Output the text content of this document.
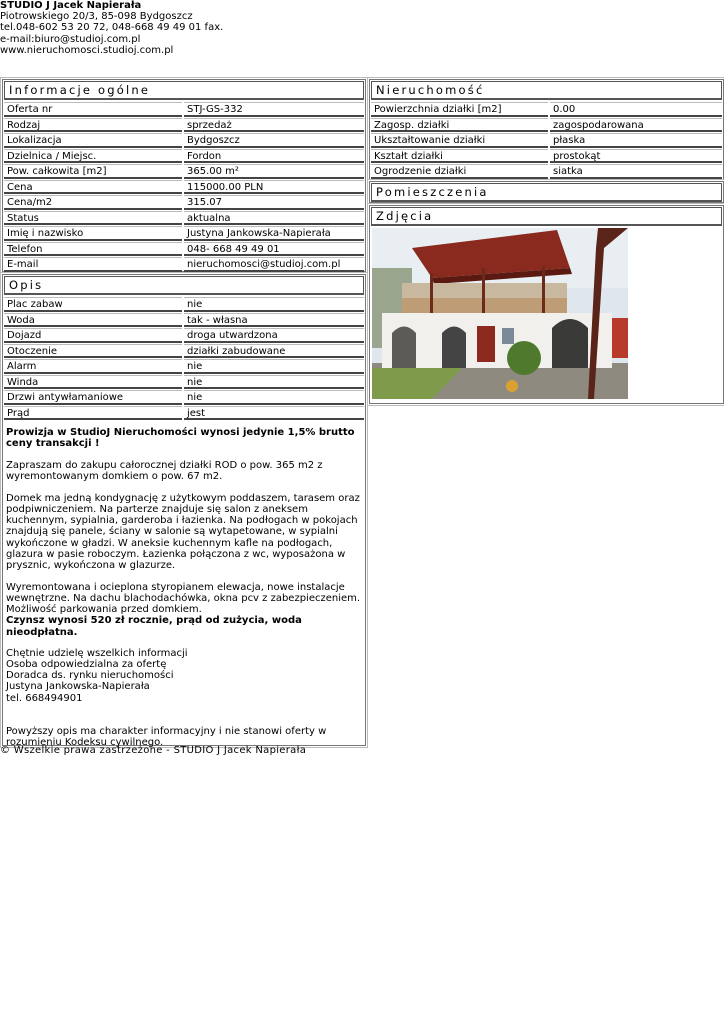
STUDIO J Jacek Napierała
Piotrowskiego 20/3, 85-098 Bydgoszcz
tel.048-602 53 20 72, 048-668 49 49 01 fax.
e-mail:biuro@studioj.com.pl
www.nieruchomosci.studioj.com.pl
Informacje ogólne
Oferta nr	STJ-GS-332
Rodzaj	sprzedaż
Lokalizacja	Bydgoszcz
Dzielnica / Miejsc.	Fordon
Pow. całkowita [m2]	365.00 m²
Cena	115000.00 PLN
Cena/m2	315.07
Status	aktualna
Imię i nazwisko	Justyna Jankowska-Napierała
Telefon	048- 668 49 49 01
E-mail	nieruchomosci@studioj.com.pl
Opis
Plac zabaw	nie
Woda	tak - własna
Dojazd	droga utwardzona
Otoczenie	działki zabudowane
Alarm	nie
Winda	nie
Drzwi antywłamaniowe	nie
Prąd	jest

Prowizja w StudioJ Nieruchomości wynosi jedynie 1,5% brutto ceny transakcji !

Zapraszam do zakupu całorocznej działki ROD o pow. 365 m2 z wyremontowanym domkiem o pow. 67 m2.

Domek ma jedną kondygnację z użytkowym poddaszem, tarasem oraz podpiwniczeniem. Na parterze znajduje się salon z aneksem kuchennym, sypialnia, garderoba i łazienka. Na podłogach w pokojach znajdują się panele, ściany w salonie są wytapetowane, w sypialni wykończone w gładzi. W aneksie kuchennym kafle na podłogach, glazura w pasie roboczym. Łazienka połączona z wc, wyposażona w prysznic, wykończona w glazurze.

Wyremontowana i ocieplona styropianem elewacja, nowe instalacje wewnętrzne. Na dachu blachodachówka, okna pcv z zabezpieczeniem. Możliwość parkowania przed domkiem.
Czynsz wynosi 520 zł rocznie, prąd od zużycia, woda nieodpłatna.

Chętnie udzielę wszelkich informacji
Osoba odpowiedzialna za ofertę
Doradca ds. rynku nieruchomości
Justyna Jankowska-Napierała
tel. 668494901

Powyższy opis ma charakter informacyjny i nie stanowi oferty w rozumieniu Kodeksu cywilnego.

Nieruchomość
Powierzchnia działki [m2]	0.00
Zagosp. działki	zagospodarowana
Ukształtowanie działki	płaska
Kształt działki	prostokąt
Ogrodzenie działki	siatka
Pomieszczenia
Zdjęcia
© Wszelkie prawa zastrzeżone - STUDIO J Jacek Napierała
